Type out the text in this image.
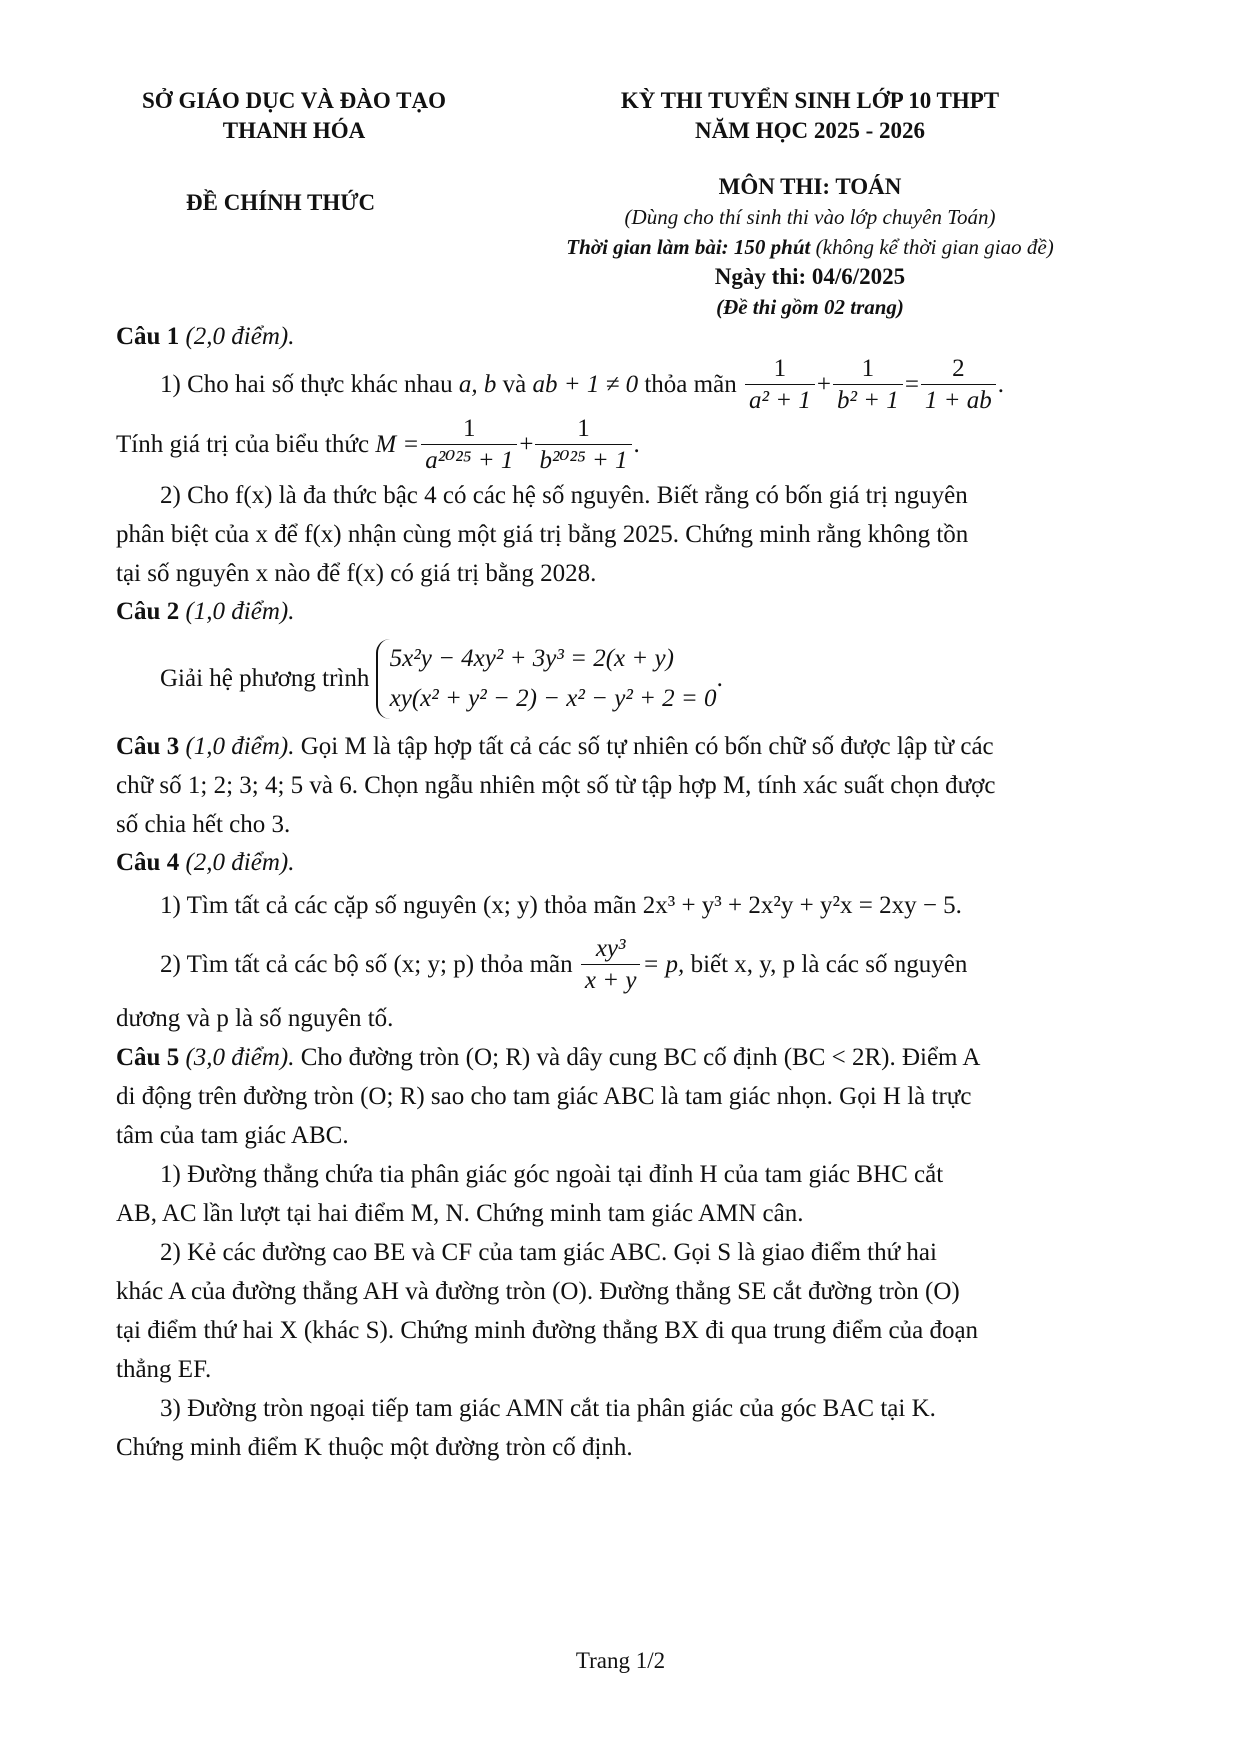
SỞ GIÁO DỤC VÀ ĐÀO TẠO
THANH HÓA
ĐỀ CHÍNH THỨC
KỲ THI TUYỂN SINH LỚP 10 THPT
NĂM HỌC 2025 - 2026
MÔN THI: TOÁN
(Dùng cho thí sinh thi vào lớp chuyên Toán)
Thời gian làm bài: 150 phút (không kể thời gian giao đề)
Ngày thi: 04/6/2025
(Đề thi gồm 02 trang)
Câu 1 (2,0 điểm).
1) Cho hai số thực khác nhau
a, b
và
ab + 1 ≠ 0
thỏa mãn
$\frac{1}{\text{a² + 1}} + \frac{1}{\text{b² + 1}} = \frac{2}{1 + ab}$ .
Tính giá trị của biểu thức
$M = \frac{1}{\text{a²⁰²⁵ + 1}} + \frac{1}{\text{b²⁰²⁵ + 1}}$ .
2) Cho f(x) là đa thức bậc 4 có các hệ số nguyên. Biết rằng có bốn giá trị nguyên
phân biệt của x để f(x) nhận cùng một giá trị bằng 2025. Chứng minh rằng không tồn
tại số nguyên x nào để f(x) có giá trị bằng 2028.
Câu 2 (1,0 điểm).
Giải hệ phương trình

5x²y − 4xy² + 3y³ = 2(x + y)
xy(x² + y² − 2) − x² − y² + 2 = 0
.
Câu 3 (1,0 điểm). Gọi M là tập hợp tất cả các số tự nhiên có bốn chữ số được lập từ các
chữ số 1; 2; 3; 4; 5 và 6. Chọn ngẫu nhiên một số từ tập hợp M, tính xác suất chọn được
số chia hết cho 3.
Câu 4 (2,0 điểm).
1) Tìm tất cả các cặp số nguyên (x; y) thỏa mãn 2x³ + y³ + 2x²y + y²x = 2xy − 5.
2) Tìm tất cả các bộ số (x; y; p) thỏa mãn
$\frac{\text{xy³}}{x + y} = p$,
biết x, y, p là các số nguyên
dương và p là số nguyên tố.
Câu 5 (3,0 điểm). Cho đường tròn (O; R) và dây cung BC cố định (BC < 2R). Điểm A
di động trên đường tròn (O; R) sao cho tam giác ABC là tam giác nhọn. Gọi H là trực
tâm của tam giác ABC.
1) Đường thẳng chứa tia phân giác góc ngoài tại đỉnh H của tam giác BHC cắt
AB, AC lần lượt tại hai điểm M, N. Chứng minh tam giác AMN cân.
2) Kẻ các đường cao BE và CF của tam giác ABC. Gọi S là giao điểm thứ hai
khác A của đường thẳng AH và đường tròn (O). Đường thẳng SE cắt đường tròn (O)
tại điểm thứ hai X (khác S). Chứng minh đường thẳng BX đi qua trung điểm của đoạn
thẳng EF.
3) Đường tròn ngoại tiếp tam giác AMN cắt tia phân giác của góc BAC tại K.
Chứng minh điểm K thuộc một đường tròn cố định.
Trang 1/2
